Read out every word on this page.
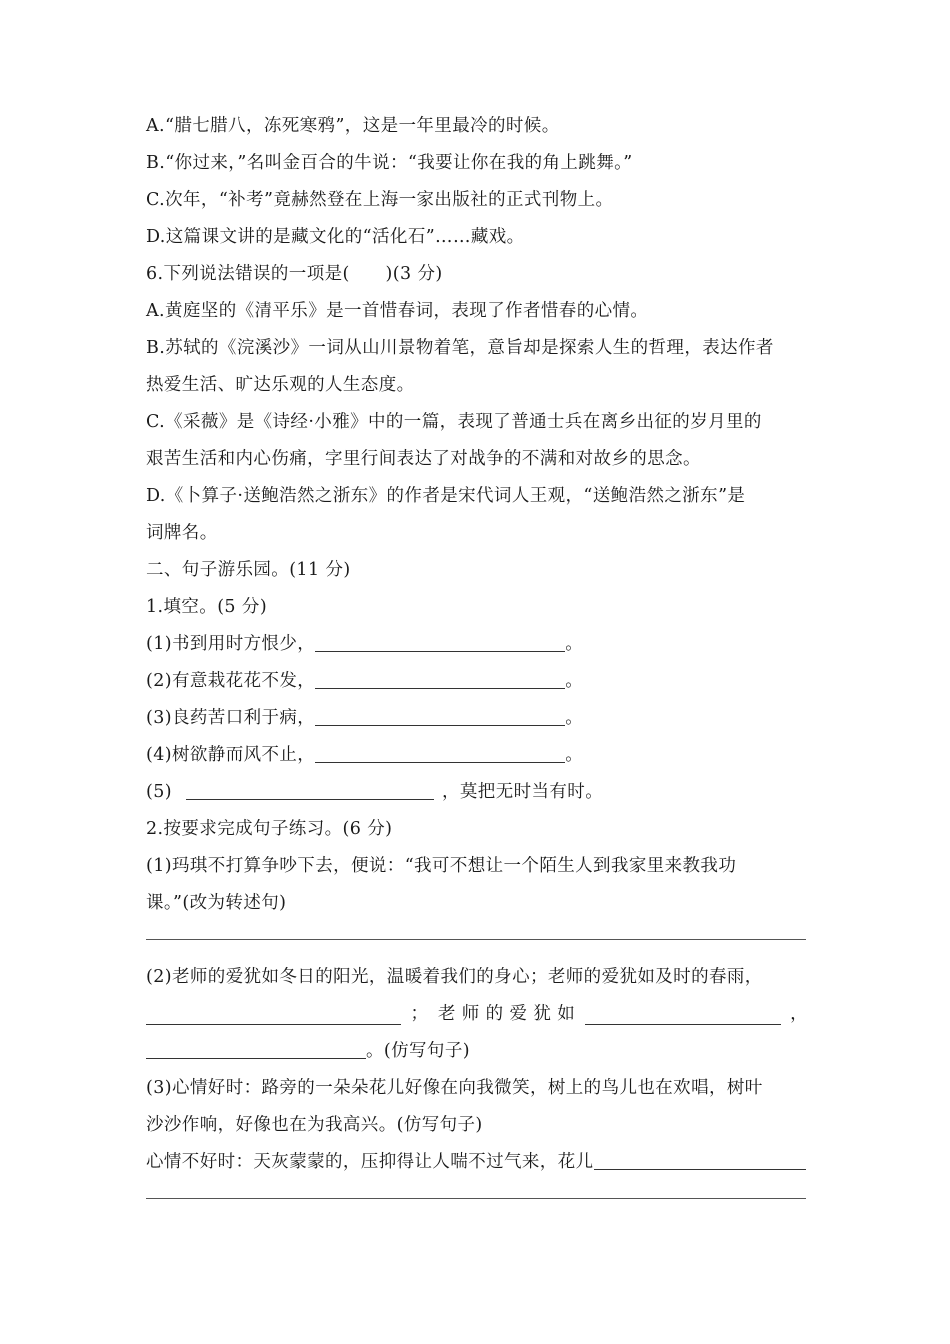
A.“腊七腊八，冻死寒鸦”，这是一年里最冷的时候。
B.“你过来，”名叫金百合的牛说：“我要让你在我的角上跳舞。”
C.次年，“补考”竟赫然登在上海一家出版社的正式刊物上。
D.这篇课文讲的是藏文化的“活化石”……藏戏。
6.下列说法错误的一项是(　　)(3 分)
A.黄庭坚的《清平乐》是一首惜春词，表现了作者惜春的心情。
B.苏轼的《浣溪沙》一词从山川景物着笔，意旨却是探索人生的哲理，表达作者
热爱生活、旷达乐观的人生态度。
C.《采薇》是《诗经·小雅》中的一篇，表现了普通士兵在离乡出征的岁月里的
艰苦生活和内心伤痛，字里行间表达了对战争的不满和对故乡的思念。
D.《卜算子·送鲍浩然之浙东》的作者是宋代词人王观，“送鲍浩然之浙东”是
词牌名。
二、句子游乐园。(11 分)
1.填空。(5 分)
(1)书到用时方恨少，	。
(2)有意栽花花不发，	。
(3)良药苦口利于病，	。
(4)树欲静而风不止，	。
(5)	，莫把无时当有时。
2.按要求完成句子练习。(6 分)
(1)玛琪不打算争吵下去，便说：“我可不想让一个陌生人到我家里来教我功
课。”(改为转述句)
(2)老师的爱犹如冬日的阳光，温暖着我们的身心；老师的爱犹如及时的春雨，
； 老 师 的 爱 犹 如	，
。(仿写句子)
(3)心情好时：路旁的一朵朵花儿好像在向我微笑，树上的鸟儿也在欢唱，树叶
沙沙作响，好像也在为我高兴。(仿写句子)
心情不好时：天灰蒙蒙的，压抑得让人喘不过气来，花儿
